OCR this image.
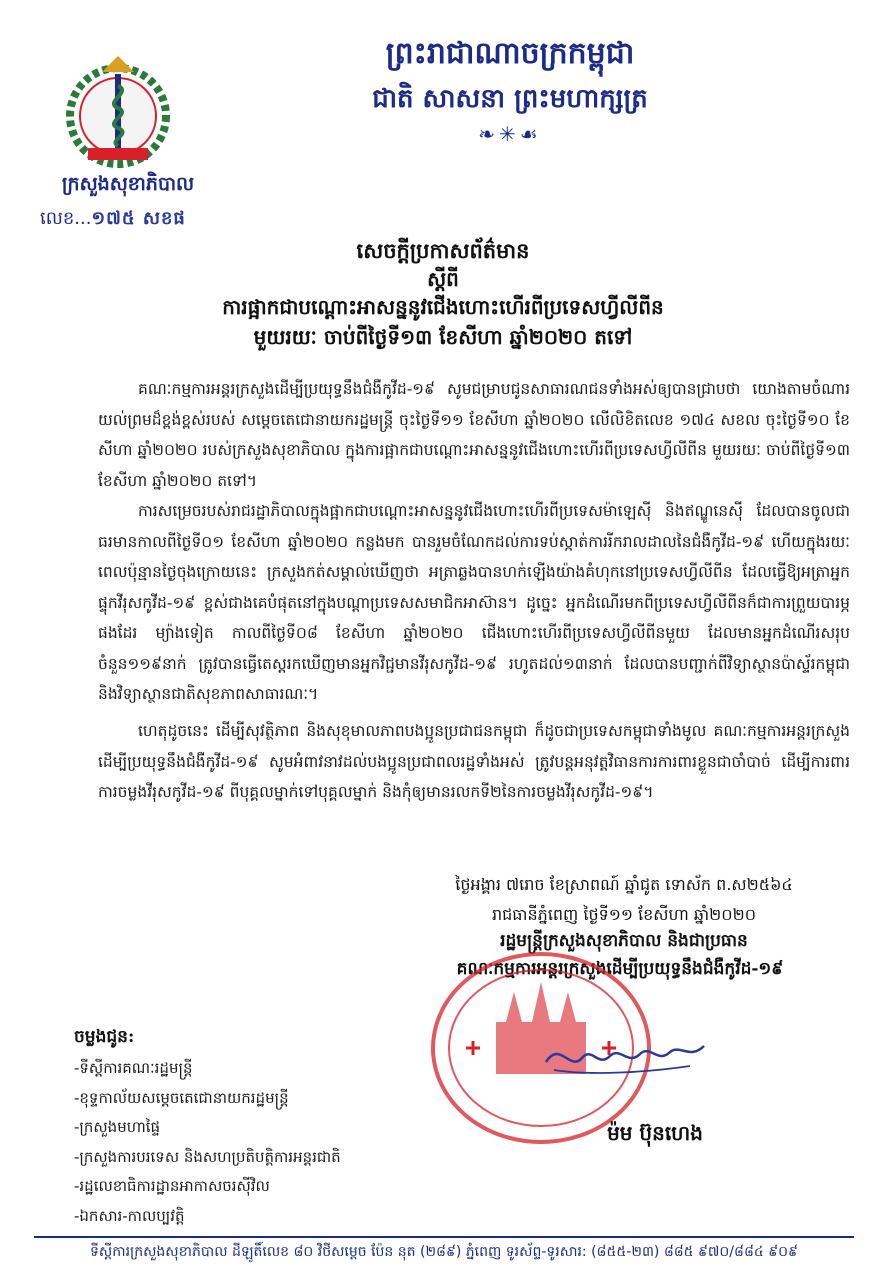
ព្រះរាជាណាចក្រកម្ពុជា
ជាតិ សាសនា ព្រះមហាក្សត្រ
❧✳☙
ក្រសួងសុខាភិបាល
លេខ...១៧៥ សខផ
សេចក្តីប្រកាសព័ត៌មាន
ស្តីពី
ការផ្អាកជាបណ្ដោះអាសន្ននូវជើងហោះហើរពីប្រទេសហ្វីលីពីន
មួយរយៈ ចាប់ពីថ្ងៃទី១៣ ខែសីហា ឆ្នាំ២០២០ តទៅ
គណៈកម្មការអន្តរក្រសួងដើម្បីប្រយុទ្ធនឹងជំងឺកូវីដ-១៩ សូមជម្រាបជូនសាធារណជនទាំងអស់ឲ្យបានជ្រាបថា យោងតាមចំណារយល់ព្រមដ៏ខ្ពង់ខ្ពស់របស់ សម្តេចតេជោនាយករដ្ឋមន្ត្រី ចុះថ្ងៃទី១១ ខែសីហា ឆ្នាំ២០២០ លើលិខិតលេខ ១៧៤ សខល ចុះថ្ងៃទី១០ ខែសីហា ឆ្នាំ២០២០ របស់ក្រសួងសុខាភិបាល ក្នុងការផ្អាកជាបណ្តោះអាសន្ននូវជើងហោះហើរពីប្រទេសហ្វីលីពីន មួយរយៈ ចាប់ពីថ្ងៃទី១៣ ខែសីហា ឆ្នាំ២០២០ តទៅ។
ការសម្រេចរបស់រាជរដ្ឋាភិបាលក្នុងផ្អាកជាបណ្តោះអាសន្ននូវជើងហោះហើរពីប្រទេសម៉ាឡេស៊ី និងឥណ្ឌូនេស៊ី ដែលបានចូលជាធរមានកាលពីថ្ងៃទី០១ ខែសីហា ឆ្នាំ២០២០ កន្លងមក បានរួមចំណែកដល់ការទប់ស្កាត់ការរីករាលដាលនៃជំងឺកូវីដ-១៩ ហើយក្នុងរយៈពេលប៉ុន្មានថ្ងៃចុងក្រោយនេះ ក្រសួងកត់សម្គាល់ឃើញថា អត្រាឆ្លងបានហក់ឡើងយ៉ាងគំហុកនៅប្រទេសហ្វីលីពីន ដែលធ្វើឱ្យអត្រាអ្នកផ្ទុកវីរុសកូវីដ-១៩ ខ្ពស់ជាងគេបំផុតនៅក្នុងបណ្តាប្រទេសសមាជិកអាស៊ាន។ ដូច្នេះ អ្នកដំណើរមកពីប្រទេសហ្វីលីពីនក៏ជាការព្រួយបារម្ភផងដែរ ម្យ៉ាងទៀត កាលពីថ្ងៃទី០៨ ខែសីហា ឆ្នាំ២០២០ ជើងហោះហើរពីប្រទេសហ្វីលីពីនមួយ ដែលមានអ្នកដំណើរសរុបចំនួន១១៩នាក់ ត្រូវបានធ្វើតេស្តរកឃើញមានអ្នកវិជ្ជមានវីរុសកូវីដ-១៩ រហូតដល់១៣នាក់ ដែលបានបញ្ជាក់ពីវិទ្យាស្ថានប៉ាស្ទ័រកម្ពុជា និងវិទ្យាស្ថានជាតិសុខភាពសាធារណៈ។
ហេតុដូចនេះ ដើម្បីសុវត្ថិភាព និងសុខុមាលភាពបងប្អូនប្រជាជនកម្ពុជា ក៏ដូចជាប្រទេសកម្ពុជាទាំងមូល គណៈកម្មការអន្តរក្រសួងដើម្បីប្រយុទ្ធនឹងជំងឺកូវីដ-១៩ សូមអំពាវនាវដល់បងប្អូនប្រជាពលរដ្ឋទាំងអស់ ត្រូវបន្តអនុវត្តវិធានការការពារខ្លួនជាចាំបាច់ ដើម្បីការពារការចម្លងវីរុសកូវីដ-១៩ ពីបុគ្គលម្នាក់ទៅបុគ្គលម្នាក់ និងកុំឲ្យមានរលកទី២នៃការចម្លងវីរុសកូវីដ-១៩។
ថ្ងៃអង្គារ ៧រោច ខែស្រាពណ៍ ឆ្នាំជូត ទោស័ក ព.ស២៥៦៤
រាជធានីភ្នំពេញ ថ្ងៃទី១១ ខែសីហា ឆ្នាំ២០២០
រដ្ឋមន្ត្រីក្រសួងសុខាភិបាល និងជាប្រធាន
គណៈកម្មការអន្តរក្រសួងដើម្បីប្រយុទ្ធនឹងជំងឺកូវីដ-១៩
ម៉ម ប៊ុនហេង
ចម្លងជូន:
-ទីស្តីការគណៈរដ្ឋមន្ត្រី
-ខុទ្ទកាល័យសម្តេចតេជោនាយករដ្ឋមន្ត្រី
-ក្រសួងមហាផ្ទៃ
-ក្រសួងការបរទេស និងសហប្រតិបត្តិការអន្តរជាតិ
-រដ្ឋលេខាធិការដ្ឋានអាកាសចរស៊ីវិល
-ឯកសារ-កាលប្បវត្តិ
ទីស្តីការក្រសួងសុខាភិបាល ដីឡូតិ៍លេខ ៨០ វិថីសម្តេច ប៉ែន នុត (២៨៩) ភ្នំពេញ ទូរស័ព្ទ-ទូរសារ: (៨៥៥-២៣) ៨៨៥ ៩៧០/៨៨៤ ៩០៩
